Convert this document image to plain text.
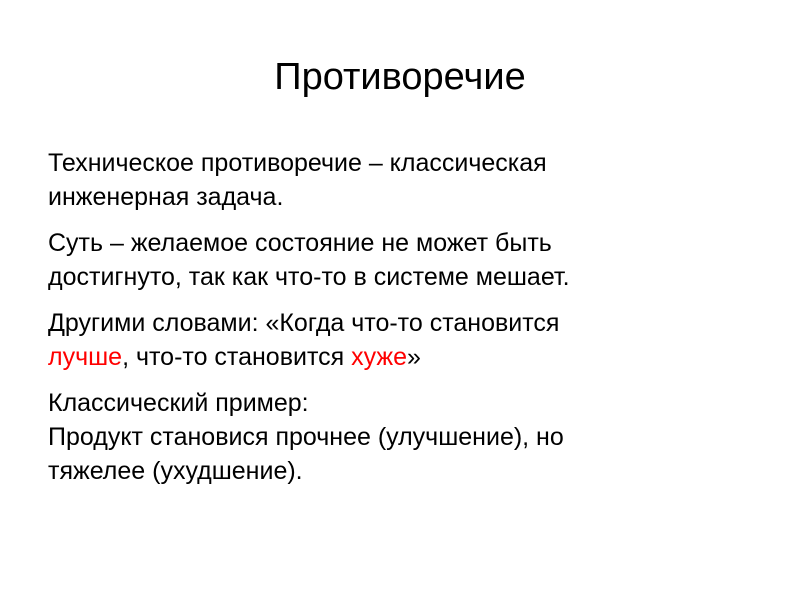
Противоречие

Техническое противоречие – классическая
инженерная задача.

Суть – желаемое состояние не может быть
достигнуто, так как что-то в системе мешает.

Другими словами: «Когда что-то становится
лучше, что-то становится хуже»

Классический пример:
Продукт становися прочнее (улучшение), но
тяжелее (ухудшение).
